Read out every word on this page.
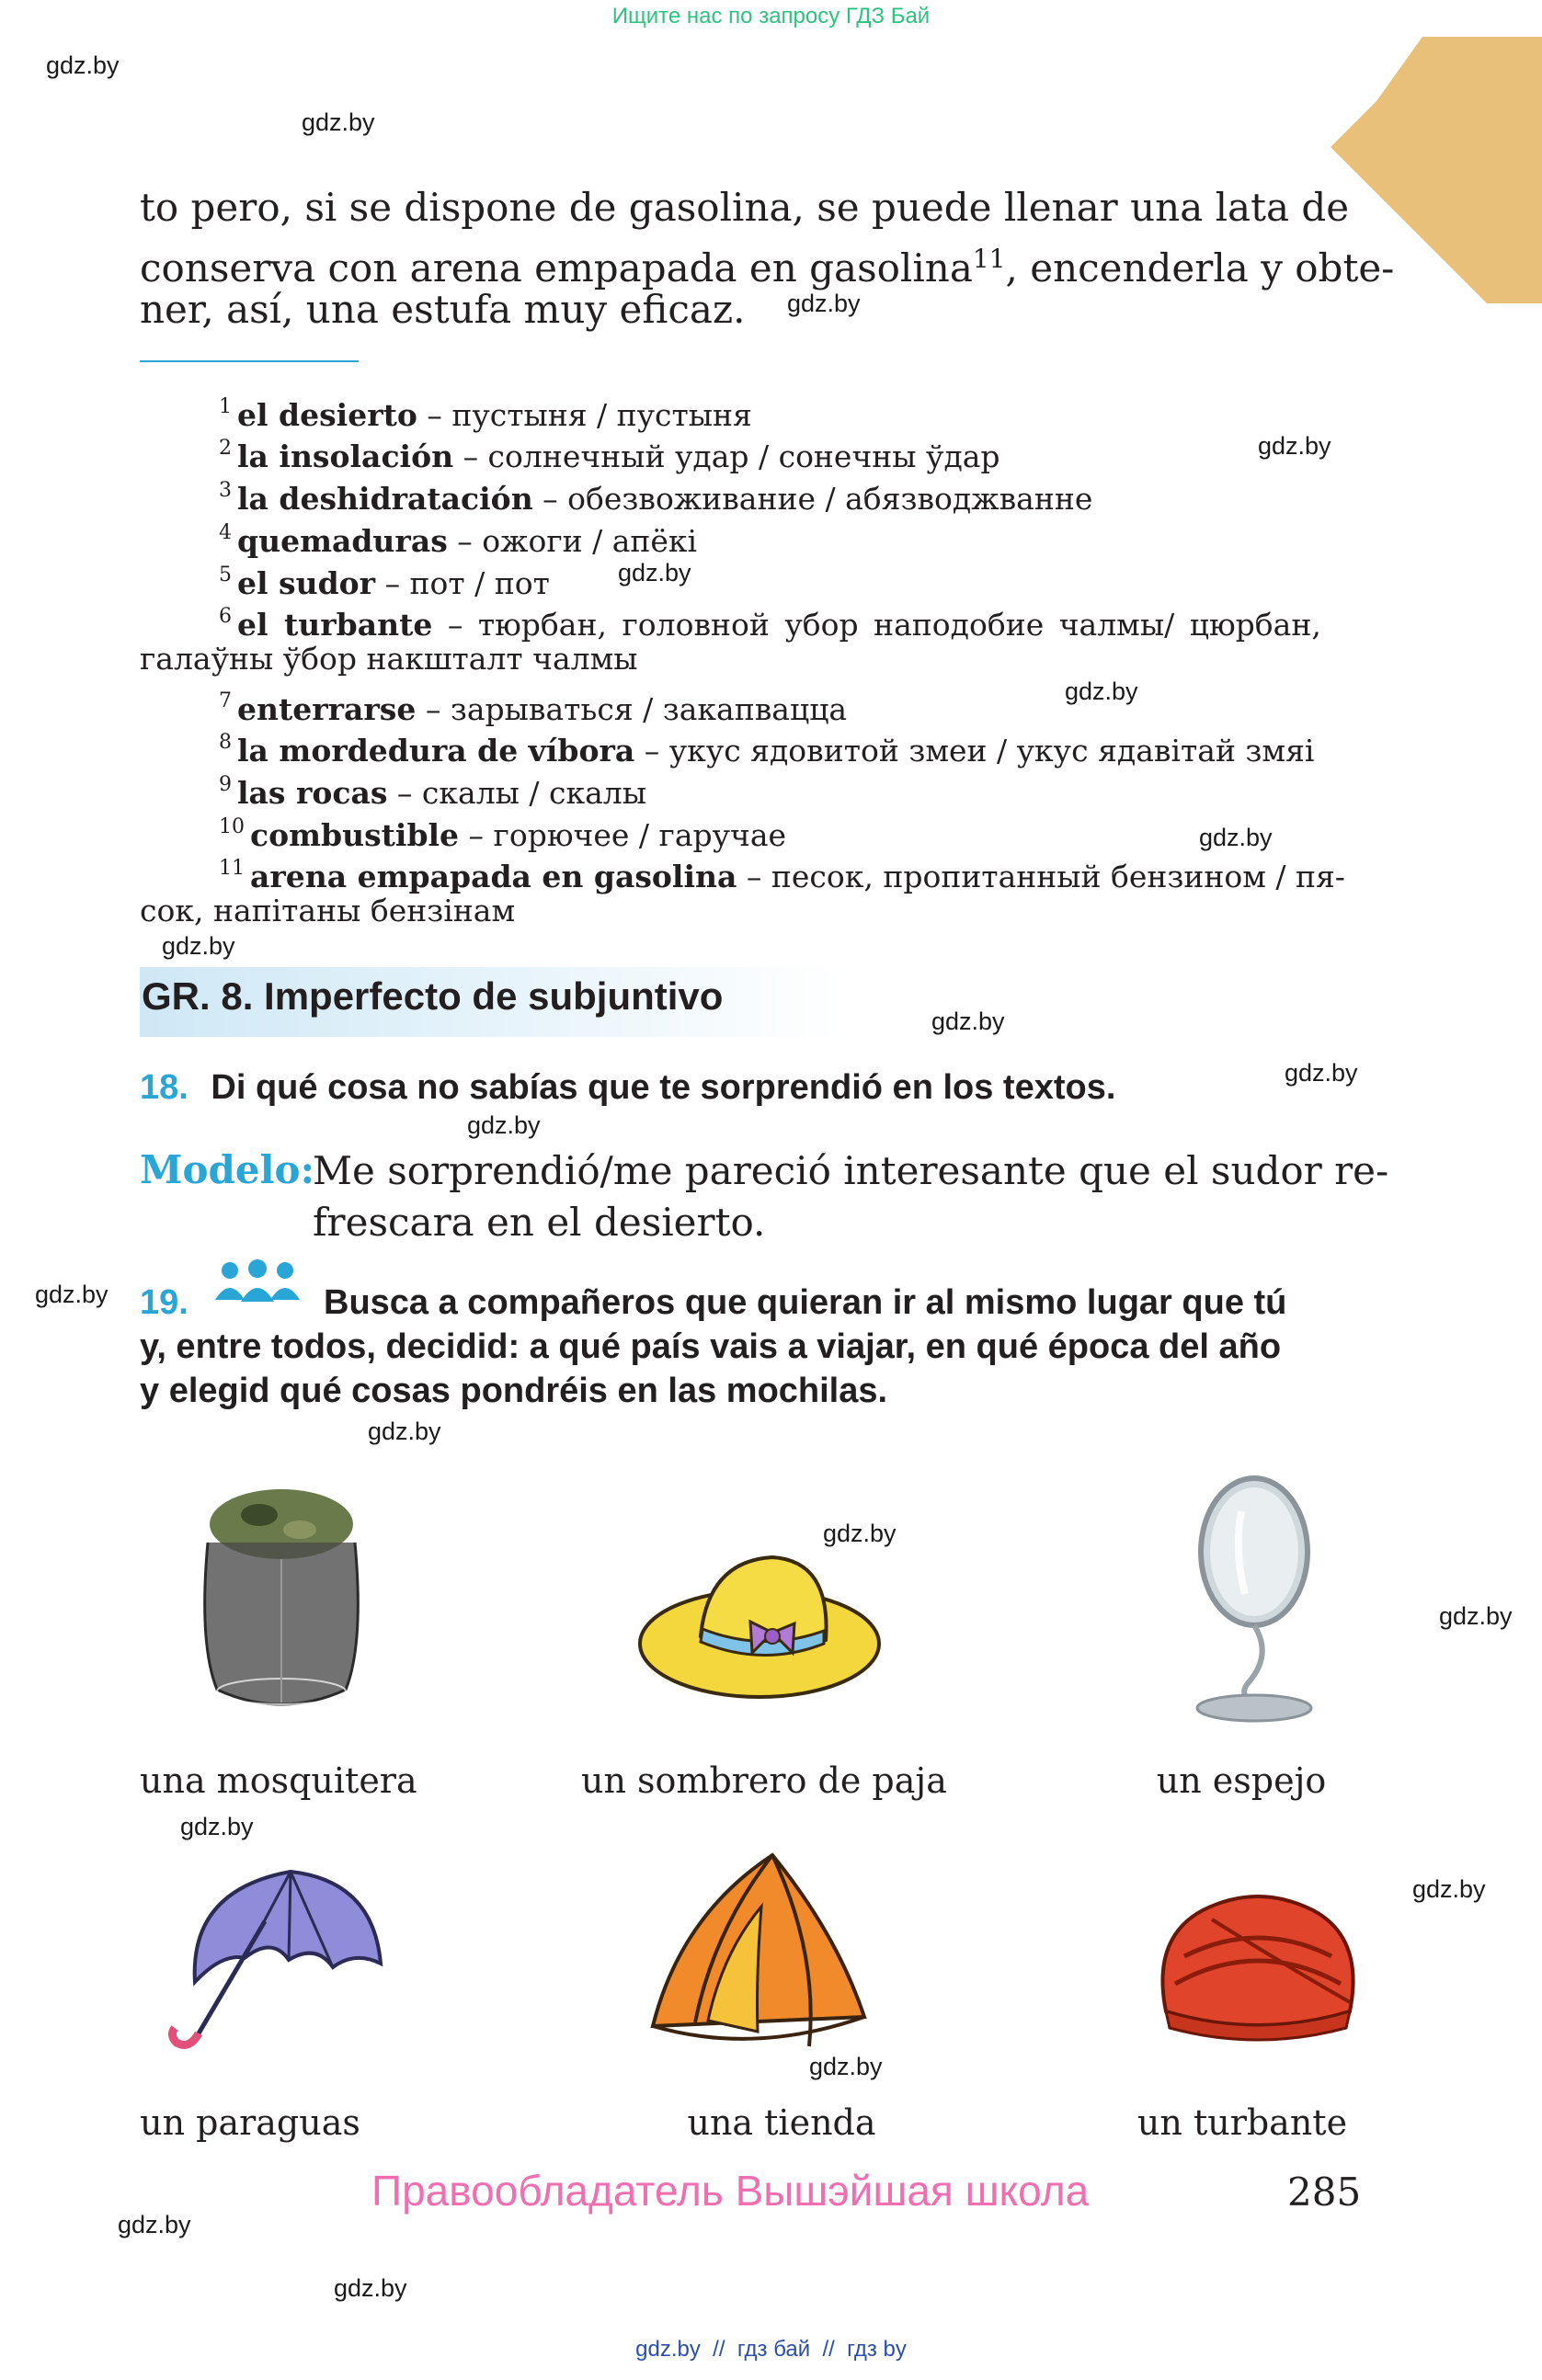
Ищите нас по запросу ГДЗ Бай
gdz.by
gdz.by
gdz.by
gdz.by
gdz.by
gdz.by
gdz.by
gdz.by
gdz.by
gdz.by
gdz.by
gdz.by
gdz.by
gdz.by
gdz.by
gdz.by
gdz.by
gdz.by
gdz.by
gdz.by
to pero, si se dispone de gasolina, se puede llenar una lata de
conserva con arena empapada en gasolina$^{11}$, encenderla y obte-
ner, así, una estufa muy eficaz.
$^1$ el desierto – пустыня / пустыня
$^2$ la insolación – солнечный удар / сонечны ўдар
$^3$ la deshidratación – обезвоживание / абязводжванне
$^4$ quemaduras – ожоги / апёкі
$^5$ el sudor – пот / пот
$^6$ el turbante – тюрбан, головной убор наподобие чалмы/ цюрбан,
галаўны ўбор накшталт чалмы
$^7$ enterrarse – зарываться / закапвацца
$^8$ la mordedura de víbora – укус ядовитой змеи / укус ядавітай змяі
$^9$ las rocas – скалы / скалы
$^{10}$ combustible – горючее / гаручае
$^{11}$ arena empapada en gasolina – песок, пропитанный бензином / пя-
сок, напітаны бензінам
GR. 8. Imperfecto de subjuntivo
18. Di qué cosa no sabías que te sorprendió en los textos.
Modelo:
Me sorprendió/me pareció interesante que el sudor re-
frescara en el desierto.
19.	Busca a compañeros que quieran ir al mismo lugar que tú
y, entre todos, decidid: a qué país vais a viajar, en qué época del año
y elegid qué cosas pondréis en las mochilas.
una mosquitera	un sombrero de paja	un espejo
un paraguas	una tienda	un turbante
Правообладатель Вышэйшая школа	285
gdz.by  //  гдз бай  //  гдз by
